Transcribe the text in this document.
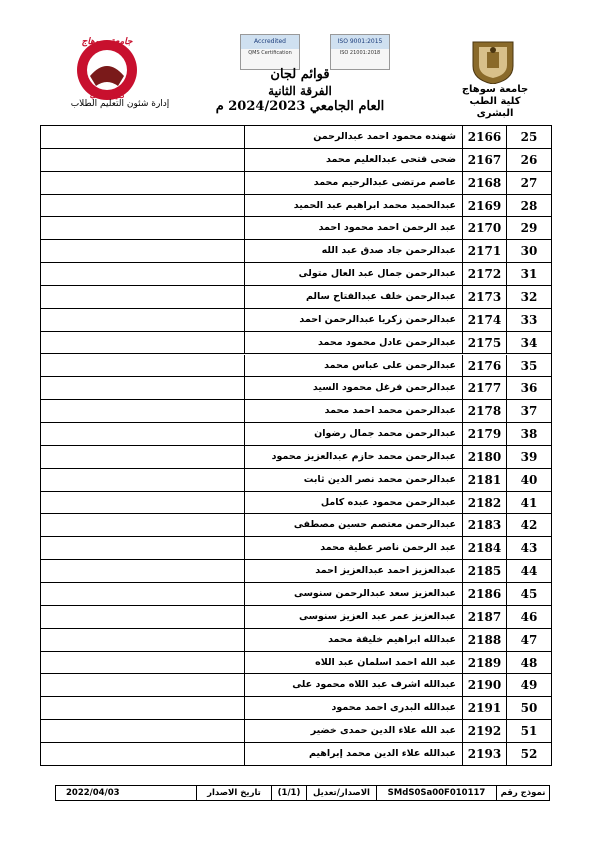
جامعة سوهاج
كلية الطب
إدارة شئون التعليم الطلاب
Accredited
QMS Certification
ISO 9001:2015
ISO 21001:2018
قوائم لجان
الفرقة الثانية
العام الجامعي 2024/2023 م
جامعة سوهاج
كلية الطب البشرى
شهنده محمود احمد عبدالرحمن 2166	25
ضحى فتحى عبدالعليم محمد 2167	26
عاصم مرتضى عبدالرحيم محمد 2168	27
عبدالحميد محمد ابراهيم عبد الحميد 2169	28
عبد الرحمن احمد محمود احمد 2170	29
عبدالرحمن جاد صدق عبد الله 2171	30
عبدالرحمن جمال عبد العال متولى 2172	31
عبدالرحمن خلف عبدالفتاح سالم 2173	32
عبدالرحمن زكريا عبدالرحمن احمد 2174	33
عبدالرحمن عادل محمود محمد 2175	34
عبدالرحمن على عباس محمد 2176	35
عبدالرحمن فرغل محمود السيد 2177	36
عبدالرحمن محمد احمد محمد 2178	37
عبدالرحمن محمد جمال رضوان 2179	38
عبدالرحمن محمد حازم عبدالعزيز محمود 2180	39
عبدالرحمن محمد نصر الدين ثابت 2181	40
عبدالرحمن محمود عبده كامل 2182	41
عبدالرحمن معتصم حسين مصطفى 2183	42
عبد الرحمن ناصر عطية محمد 2184	43
عبدالعزيز احمد عبدالعزيز احمد 2185	44
عبدالعزيز سعد عبدالرحمن سنوسى 2186	45
عبدالعزيز عمر عبد العزيز سنوسى 2187	46
عبدالله ابراهيم خليفة محمد 2188	47
عبد الله احمد اسلمان عبد اللاه 2189	48
عبدالله اشرف عبد اللاه محمود على 2190	49
عبدالله البدرى احمد محمود 2191	50
عبد الله علاء الدين حمدى خضير 2192	51
عبدالله علاء الدين محمد إبراهيم 2193	52
نموذج رقم
SMdS0Sa00F010117
الاصدار/تعديل
(1/1)
تاريخ الاصدار
2022/04/03
